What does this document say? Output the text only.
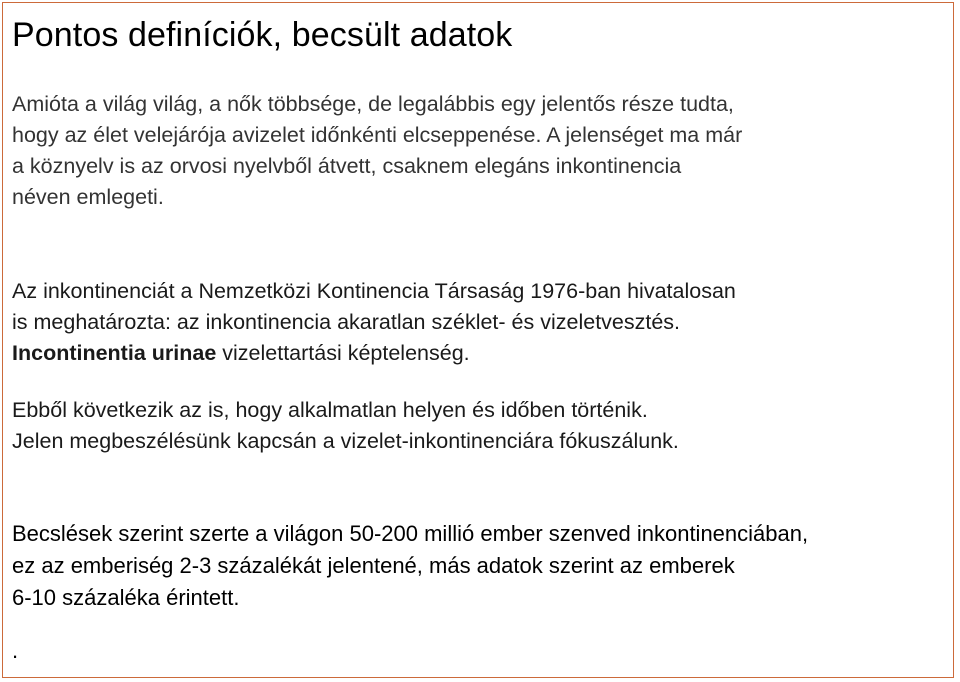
Pontos definíciók, becsült adatok
Amióta a világ világ, a nők többsége, de legalábbis egy jelentős része tudta,
hogy az élet velejárója avizelet időnkénti elcseppenése. A jelenséget ma már
a köznyelv is az orvosi nyelvből átvett, csaknem elegáns inkontinencia
néven emlegeti.
Az inkontinenciát a Nemzetközi Kontinencia Társaság 1976-ban hivatalosan
is meghatározta: az inkontinencia akaratlan széklet- és vizeletvesztés.
Incontinentia urinae vizelettartási képtelenség.
Ebből következik az is, hogy alkalmatlan helyen és időben történik.
Jelen megbeszélésünk kapcsán a vizelet-inkontinenciára fókuszálunk.
Becslések szerint szerte a világon 50-200 millió ember szenved inkontinenciában,
ez az emberiség 2-3 százalékát jelentené, más adatok szerint az emberek
6-10 százaléka érintett.
.
